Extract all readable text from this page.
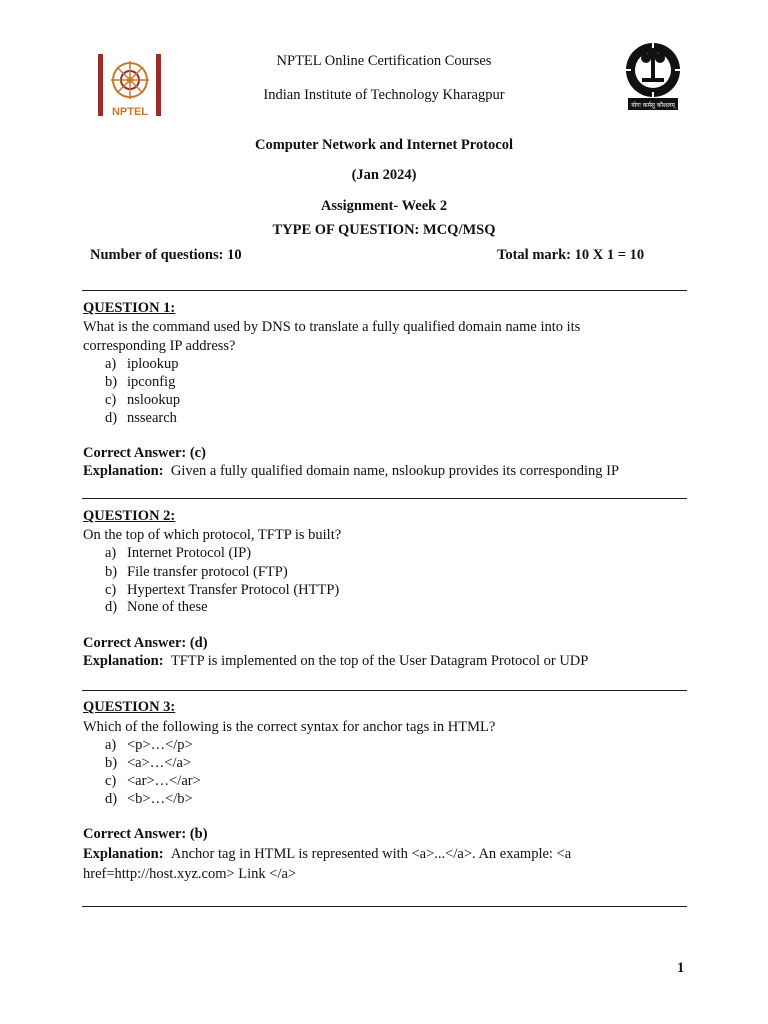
NPTEL
योगः कर्मसु कौशलम्
NPTEL Online Certification Courses
Indian Institute of Technology Kharagpur
Computer Network and Internet Protocol
(Jan 2024)
Assignment- Week 2
TYPE OF QUESTION: MCQ/MSQ
Number of questions: 10	Total mark: 10 X 1 = 10
QUESTION 1:
What is the command used by DNS to translate a fully qualified domain name into its
corresponding IP address?
a) iplookup
b) ipconfig
c) nslookup
d) nssearch
Correct Answer: (c)
Explanation: Given a fully qualified domain name, nslookup provides its corresponding IP
QUESTION 2:
On the top of which protocol, TFTP is built?
a) Internet Protocol (IP)
b) File transfer protocol (FTP)
c) Hypertext Transfer Protocol (HTTP)
d) None of these
Correct Answer: (d)
Explanation: TFTP is implemented on the top of the User Datagram Protocol or UDP
QUESTION 3:
Which of the following is the correct syntax for anchor tags in HTML?
a) <p>…</p>
b) <a>…</a>
c) <ar>…</ar>
d) <b>…</b>
Correct Answer: (b)
Explanation: Anchor tag in HTML is represented with <a>...</a>. An example: <a
href=http://host.xyz.com> Link </a>
1
